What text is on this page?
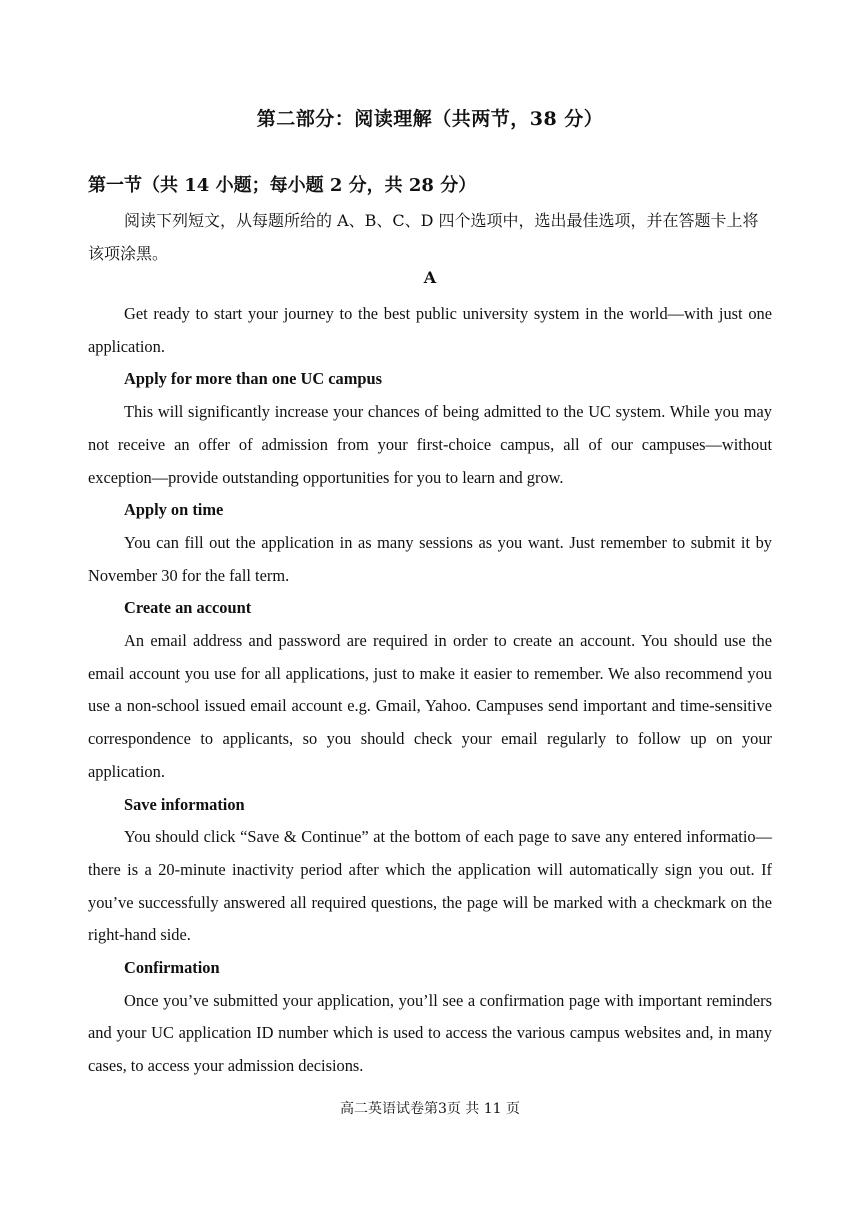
第二部分：阅读理解（共两节，38 分）
第一节（共 14 小题；每小题 2 分，共 28 分）
阅读下列短文，从每题所给的 A、B、C、D 四个选项中，选出最佳选项，并在答题卡上将该项涂黑。
A

Get ready to start your journey to the best public university system in the world—with just one application.

Apply for more than one UC campus

This will significantly increase your chances of being admitted to the UC system. While you may not receive an offer of admission from your first-choice campus, all of our campuses—without exception—provide outstanding opportunities for you to learn and grow.

Apply on time

You can fill out the application in as many sessions as you want. Just remember to submit it by November 30 for the fall term.

Create an account

An email address and password are required in order to create an account. You should use the email account you use for all applications, just to make it easier to remember. We also recommend you use a non-school issued email account e.g. Gmail, Yahoo. Campuses send important and time-sensitive correspondence to applicants, so you should check your email regularly to follow up on your application.

Save information

You should click “Save & Continue” at the bottom of each page to save any entered informatio—there is a 20-minute inactivity period after which the application will automatically sign you out. If you’ve successfully answered all required questions, the page will be marked with a checkmark on the right-hand side.

Confirmation

Once you’ve submitted your application, you’ll see a confirmation page with important reminders and your UC application ID number which is used to access the various campus websites and, in many cases, to access your admission decisions.

高二英语试卷第3页 共 11 页
